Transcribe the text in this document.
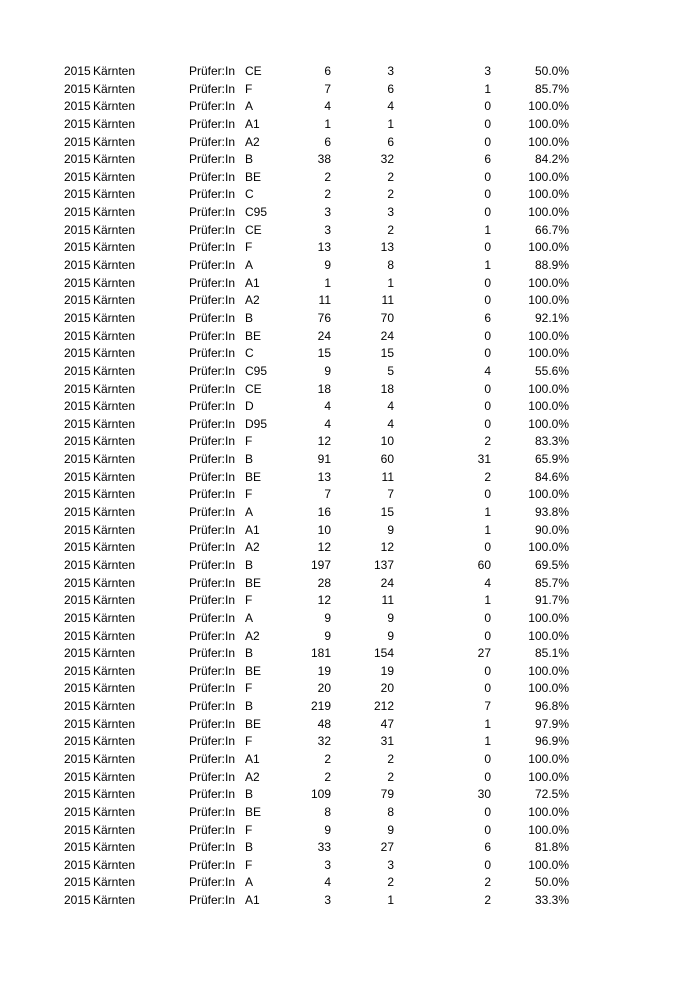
2015 Kärnten	Prüfer:In CE	6	3	3	50.0%
2015 Kärnten	Prüfer:In F	7	6	1	85.7%
2015 Kärnten	Prüfer:In A	4	4	0	100.0%
2015 Kärnten	Prüfer:In A1	1	1	0	100.0%
2015 Kärnten	Prüfer:In A2	6	6	0	100.0%
2015 Kärnten	Prüfer:In B	38	32	6	84.2%
2015 Kärnten	Prüfer:In BE	2	2	0	100.0%
2015 Kärnten	Prüfer:In C	2	2	0	100.0%
2015 Kärnten	Prüfer:In C95	3	3	0	100.0%
2015 Kärnten	Prüfer:In CE	3	2	1	66.7%
2015 Kärnten	Prüfer:In F	13	13	0	100.0%
2015 Kärnten	Prüfer:In A	9	8	1	88.9%
2015 Kärnten	Prüfer:In A1	1	1	0	100.0%
2015 Kärnten	Prüfer:In A2	11	11	0	100.0%
2015 Kärnten	Prüfer:In B	76	70	6	92.1%
2015 Kärnten	Prüfer:In BE	24	24	0	100.0%
2015 Kärnten	Prüfer:In C	15	15	0	100.0%
2015 Kärnten	Prüfer:In C95	9	5	4	55.6%
2015 Kärnten	Prüfer:In CE	18	18	0	100.0%
2015 Kärnten	Prüfer:In D	4	4	0	100.0%
2015 Kärnten	Prüfer:In D95	4	4	0	100.0%
2015 Kärnten	Prüfer:In F	12	10	2	83.3%
2015 Kärnten	Prüfer:In B	91	60	31	65.9%
2015 Kärnten	Prüfer:In BE	13	11	2	84.6%
2015 Kärnten	Prüfer:In F	7	7	0	100.0%
2015 Kärnten	Prüfer:In A	16	15	1	93.8%
2015 Kärnten	Prüfer:In A1	10	9	1	90.0%
2015 Kärnten	Prüfer:In A2	12	12	0	100.0%
2015 Kärnten	Prüfer:In B	197	137	60	69.5%
2015 Kärnten	Prüfer:In BE	28	24	4	85.7%
2015 Kärnten	Prüfer:In F	12	11	1	91.7%
2015 Kärnten	Prüfer:In A	9	9	0	100.0%
2015 Kärnten	Prüfer:In A2	9	9	0	100.0%
2015 Kärnten	Prüfer:In B	181	154	27	85.1%
2015 Kärnten	Prüfer:In BE	19	19	0	100.0%
2015 Kärnten	Prüfer:In F	20	20	0	100.0%
2015 Kärnten	Prüfer:In B	219	212	7	96.8%
2015 Kärnten	Prüfer:In BE	48	47	1	97.9%
2015 Kärnten	Prüfer:In F	32	31	1	96.9%
2015 Kärnten	Prüfer:In A1	2	2	0	100.0%
2015 Kärnten	Prüfer:In A2	2	2	0	100.0%
2015 Kärnten	Prüfer:In B	109	79	30	72.5%
2015 Kärnten	Prüfer:In BE	8	8	0	100.0%
2015 Kärnten	Prüfer:In F	9	9	0	100.0%
2015 Kärnten	Prüfer:In B	33	27	6	81.8%
2015 Kärnten	Prüfer:In F	3	3	0	100.0%
2015 Kärnten	Prüfer:In A	4	2	2	50.0%
2015 Kärnten	Prüfer:In A1	3	1	2	33.3%
